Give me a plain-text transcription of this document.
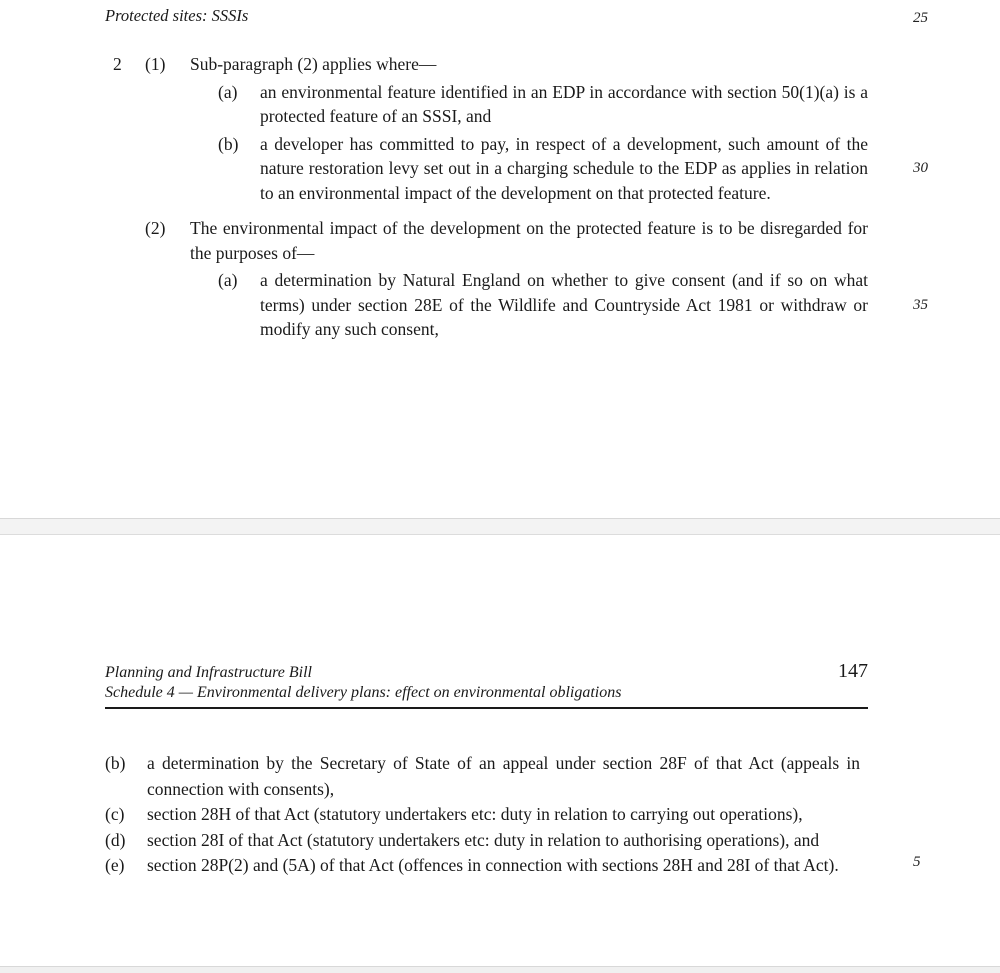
Protected sites: SSSIs	25
30
35
2	(1)	Sub-paragraph (2) applies where—
(a)	an environmental feature identified in an EDP in accordance with section 50(1)(a) is a protected feature of an SSSI, and
(b)	a developer has committed to pay, in respect of a development, such amount of the nature restoration levy set out in a charging schedule to the EDP as applies in relation to an environmental impact of the development on that protected feature.
(2)	The environmental impact of the development on the protected feature is to be disregarded for the purposes of—
(a)	a determination by Natural England on whether to give consent (and if so on what terms) under section 28E of the Wildlife and Countryside Act 1981 or withdraw or modify any such consent,
Planning and Infrastructure Bill	147
Schedule 4 — Environmental delivery plans: effect on environmental obligations
5
(b)	a determination by the Secretary of State of an appeal under section 28F of that Act (appeals in connection with consents),
(c)	section 28H of that Act (statutory undertakers etc: duty in relation to carrying out operations),
(d)	section 28I of that Act (statutory undertakers etc: duty in relation to authorising operations), and
(e)	section 28P(2) and (5A) of that Act (offences in connection with sections 28H and 28I of that Act).
